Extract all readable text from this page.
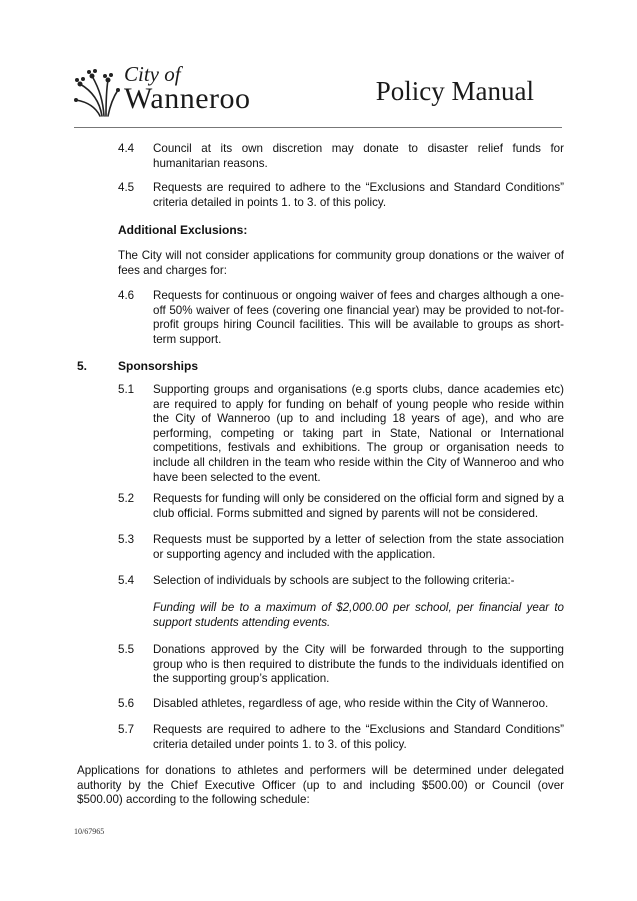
City of
Wanneroo	Policy Manual
4.4 Council at its own discretion may donate to disaster relief funds for humanitarian reasons.
4.5 Requests are required to adhere to the “Exclusions and Standard Conditions” criteria detailed in points 1. to 3. of this policy.
Additional Exclusions:
The City will not consider applications for community group donations or the waiver of fees and charges for:
4.6 Requests for continuous or ongoing waiver of fees and charges although a one-off 50% waiver of fees (covering one financial year) may be provided to not-for-profit groups hiring Council facilities. This will be available to groups as short-term support.
5.	Sponsorships
5.1 Supporting groups and organisations (e.g sports clubs, dance academies etc) are required to apply for funding on behalf of young people who reside within the City of Wanneroo (up to and including 18 years of age), and who are performing, competing or taking part in State, National or International competitions, festivals and exhibitions. The group or organisation needs to include all children in the team who reside within the City of Wanneroo and who have been selected to the event.
5.2 Requests for funding will only be considered on the official form and signed by a club official. Forms submitted and signed by parents will not be considered.
5.3 Requests must be supported by a letter of selection from the state association or supporting agency and included with the application.
5.4 Selection of individuals by schools are subject to the following criteria:-
Funding will be to a maximum of $2,000.00 per school, per financial year to support students attending events.
5.5 Donations approved by the City will be forwarded through to the supporting group who is then required to distribute the funds to the individuals identified on the supporting group’s application.
5.6 Disabled athletes, regardless of age, who reside within the City of Wanneroo.
5.7 Requests are required to adhere to the “Exclusions and Standard Conditions” criteria detailed under points 1. to 3. of this policy.
Applications for donations to athletes and performers will be determined under delegated authority by the Chief Executive Officer (up to and including $500.00) or Council (over $500.00) according to the following schedule:
10/67965
